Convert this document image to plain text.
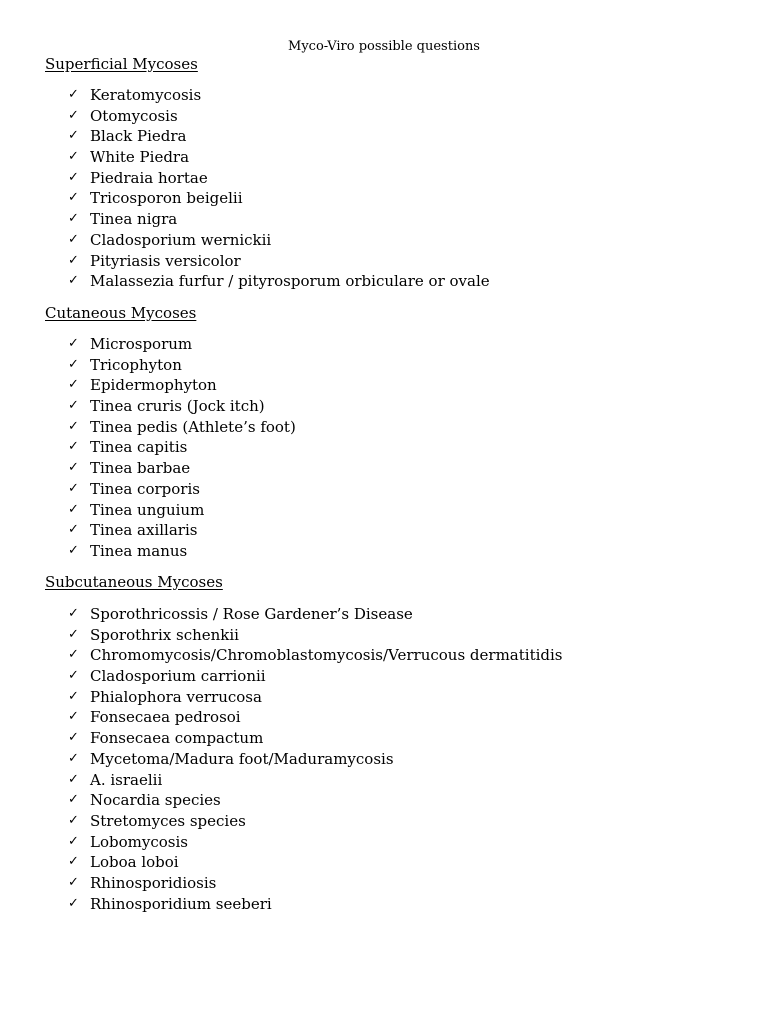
Myco-Viro possible questions
Superficial Mycoses
✓ Keratomycosis
✓ Otomycosis
✓ Black Piedra
✓ White Piedra
✓ Piedraia hortae
✓ Tricosporon beigelii
✓ Tinea nigra
✓ Cladosporium wernickii
✓ Pityriasis versicolor
✓ Malassezia furfur / pityrosporum orbiculare or ovale
Cutaneous Mycoses
✓ Microsporum
✓ Tricophyton
✓ Epidermophyton
✓ Tinea cruris (Jock itch)
✓ Tinea pedis (Athlete’s foot)
✓ Tinea capitis
✓ Tinea barbae
✓ Tinea corporis
✓ Tinea unguium
✓ Tinea axillaris
✓ Tinea manus
Subcutaneous Mycoses
✓ Sporothricossis / Rose Gardener’s Disease
✓ Sporothrix schenkii
✓ Chromomycosis/Chromoblastomycosis/Verrucous dermatitidis
✓ Cladosporium carrionii
✓ Phialophora verrucosa
✓ Fonsecaea pedrosoi
✓ Fonsecaea compactum
✓ Mycetoma/Madura foot/Maduramycosis
✓ A. israelii
✓ Nocardia species
✓ Stretomyces species
✓ Lobomycosis
✓ Loboa loboi
✓ Rhinosporidiosis
✓ Rhinosporidium seeberi
